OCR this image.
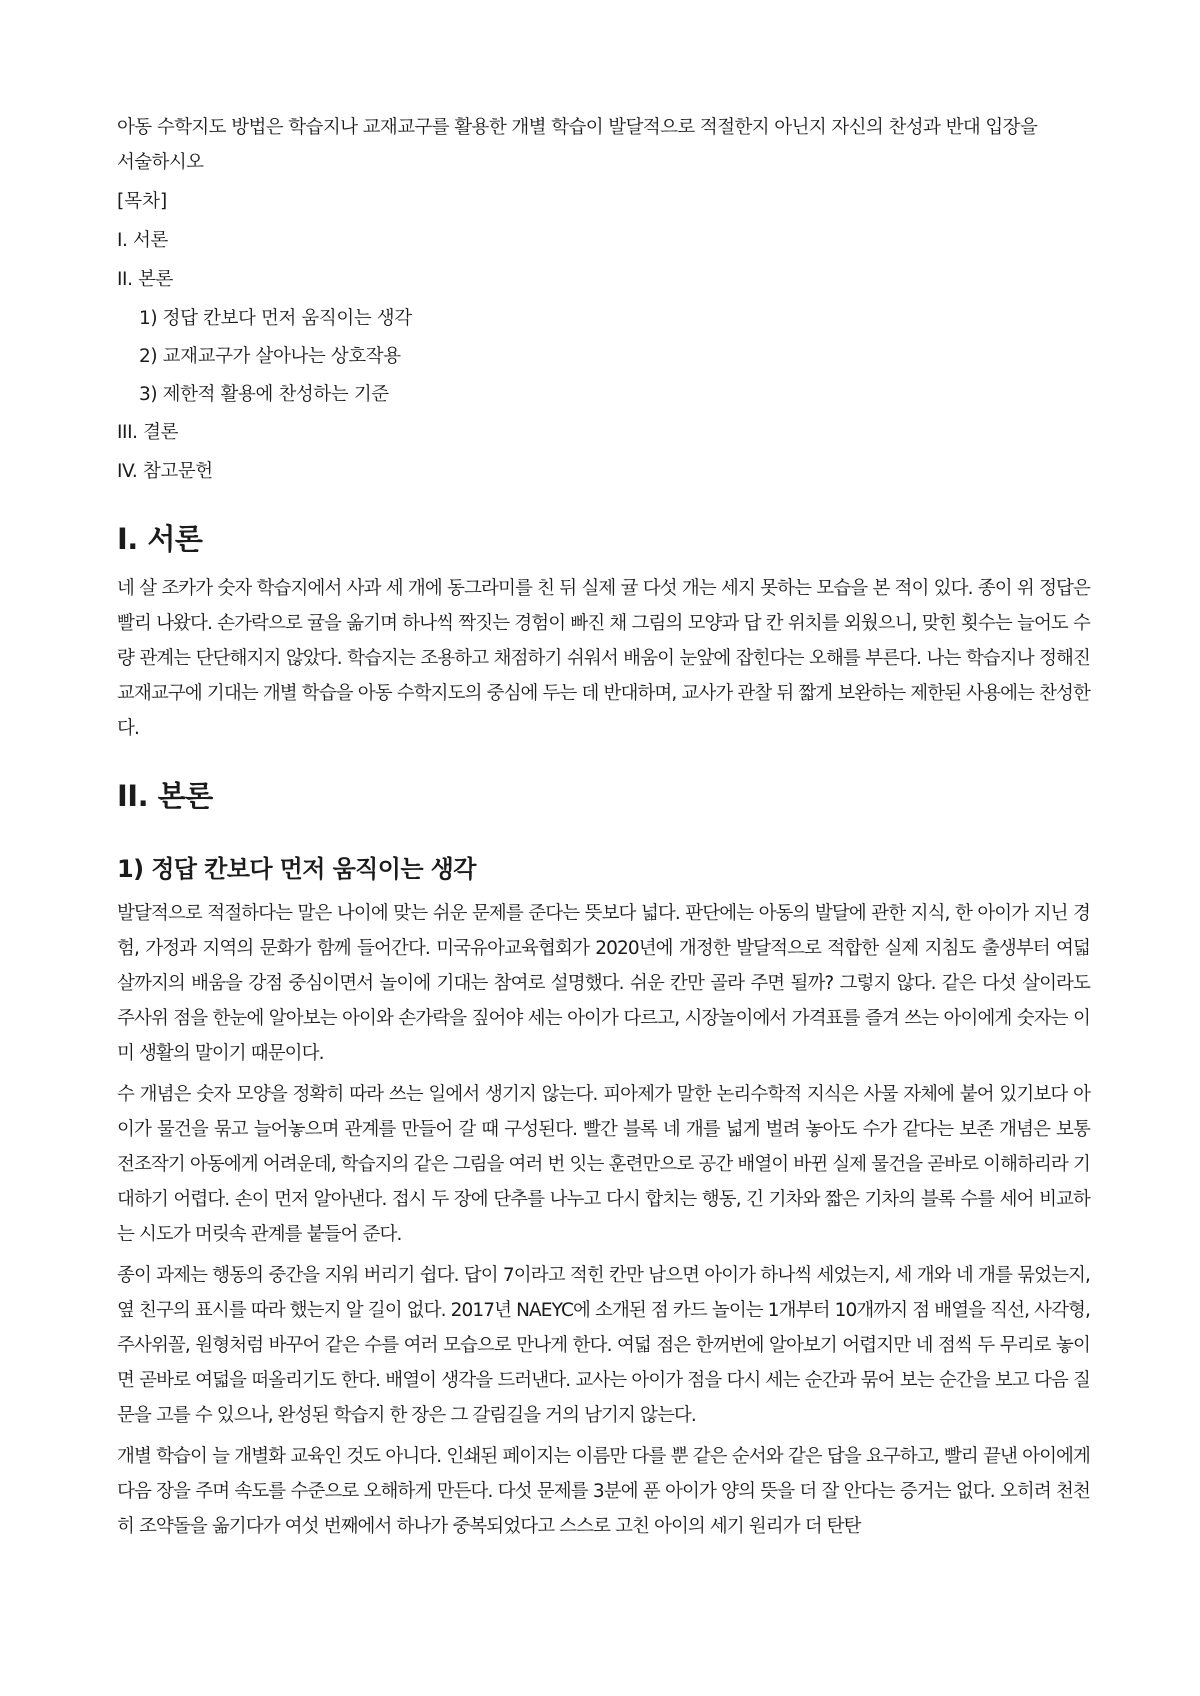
아동 수학지도 방법은 학습지나 교재교구를 활용한 개별 학습이 발달적으로 적절한지 아닌지 자신의 찬성과 반대 입장을 서술하시오

[목차]
I. 서론
II. 본론
1) 정답 칸보다 먼저 움직이는 생각
2) 교재교구가 살아나는 상호작용
3) 제한적 활용에 찬성하는 기준
III. 결론
IV. 참고문헌
I. 서론

네 살 조카가 숫자 학습지에서 사과 세 개에 동그라미를 친 뒤 실제 귤 다섯 개는 세지 못하는 모습을 본 적이 있다. 종이 위 정답은 빨리 나왔다. 손가락으로 귤을 옮기며 하나씩 짝짓는 경험이 빠진 채 그림의 모양과 답 칸 위치를 외웠으니, 맞힌 횟수는 늘어도 수량 관계는 단단해지지 않았다. 학습지는 조용하고 채점하기 쉬워서 배움이 눈앞에 잡힌다는 오해를 부른다. 나는 학습지나 정해진 교재교구에 기대는 개별 학습을 아동 수학지도의 중심에 두는 데 반대하며, 교사가 관찰 뒤 짧게 보완하는 제한된 사용에는 찬성한다.

II. 본론
1) 정답 칸보다 먼저 움직이는 생각

발달적으로 적절하다는 말은 나이에 맞는 쉬운 문제를 준다는 뜻보다 넓다. 판단에는 아동의 발달에 관한 지식, 한 아이가 지닌 경험, 가정과 지역의 문화가 함께 들어간다. 미국유아교육협회가 2020년에 개정한 발달적으로 적합한 실제 지침도 출생부터 여덟 살까지의 배움을 강점 중심이면서 놀이에 기대는 참여로 설명했다. 쉬운 칸만 골라 주면 될까? 그렇지 않다. 같은 다섯 살이라도 주사위 점을 한눈에 알아보는 아이와 손가락을 짚어야 세는 아이가 다르고, 시장놀이에서 가격표를 즐겨 쓰는 아이에게 숫자는 이미 생활의 말이기 때문이다.

수 개념은 숫자 모양을 정확히 따라 쓰는 일에서 생기지 않는다. 피아제가 말한 논리수학적 지식은 사물 자체에 붙어 있기보다 아이가 물건을 묶고 늘어놓으며 관계를 만들어 갈 때 구성된다. 빨간 블록 네 개를 넓게 벌려 놓아도 수가 같다는 보존 개념은 보통 전조작기 아동에게 어려운데, 학습지의 같은 그림을 여러 번 잇는 훈련만으로 공간 배열이 바뀐 실제 물건을 곧바로 이해하리라 기대하기 어렵다. 손이 먼저 알아낸다. 접시 두 장에 단추를 나누고 다시 합치는 행동, 긴 기차와 짧은 기차의 블록 수를 세어 비교하는 시도가 머릿속 관계를 붙들어 준다.

종이 과제는 행동의 중간을 지워 버리기 쉽다. 답이 7이라고 적힌 칸만 남으면 아이가 하나씩 세었는지, 세 개와 네 개를 묶었는지, 옆 친구의 표시를 따라 했는지 알 길이 없다. 2017년 NAEYC에 소개된 점 카드 놀이는 1개부터 10개까지 점 배열을 직선, 사각형, 주사위꼴, 원형처럼 바꾸어 같은 수를 여러 모습으로 만나게 한다. 여덟 점은 한꺼번에 알아보기 어렵지만 네 점씩 두 무리로 놓이면 곧바로 여덟을 떠올리기도 한다. 배열이 생각을 드러낸다. 교사는 아이가 점을 다시 세는 순간과 묶어 보는 순간을 보고 다음 질문을 고를 수 있으나, 완성된 학습지 한 장은 그 갈림길을 거의 남기지 않는다.

개별 학습이 늘 개별화 교육인 것도 아니다. 인쇄된 페이지는 이름만 다를 뿐 같은 순서와 같은 답을 요구하고, 빨리 끝낸 아이에게 다음 장을 주며 속도를 수준으로 오해하게 만든다. 다섯 문제를 3분에 푼 아이가 양의 뜻을 더 잘 안다는 증거는 없다. 오히려 천천히 조약돌을 옮기다가 여섯 번째에서 하나가 중복되었다고 스스로 고친 아이의 세기 원리가 더 탄탄
